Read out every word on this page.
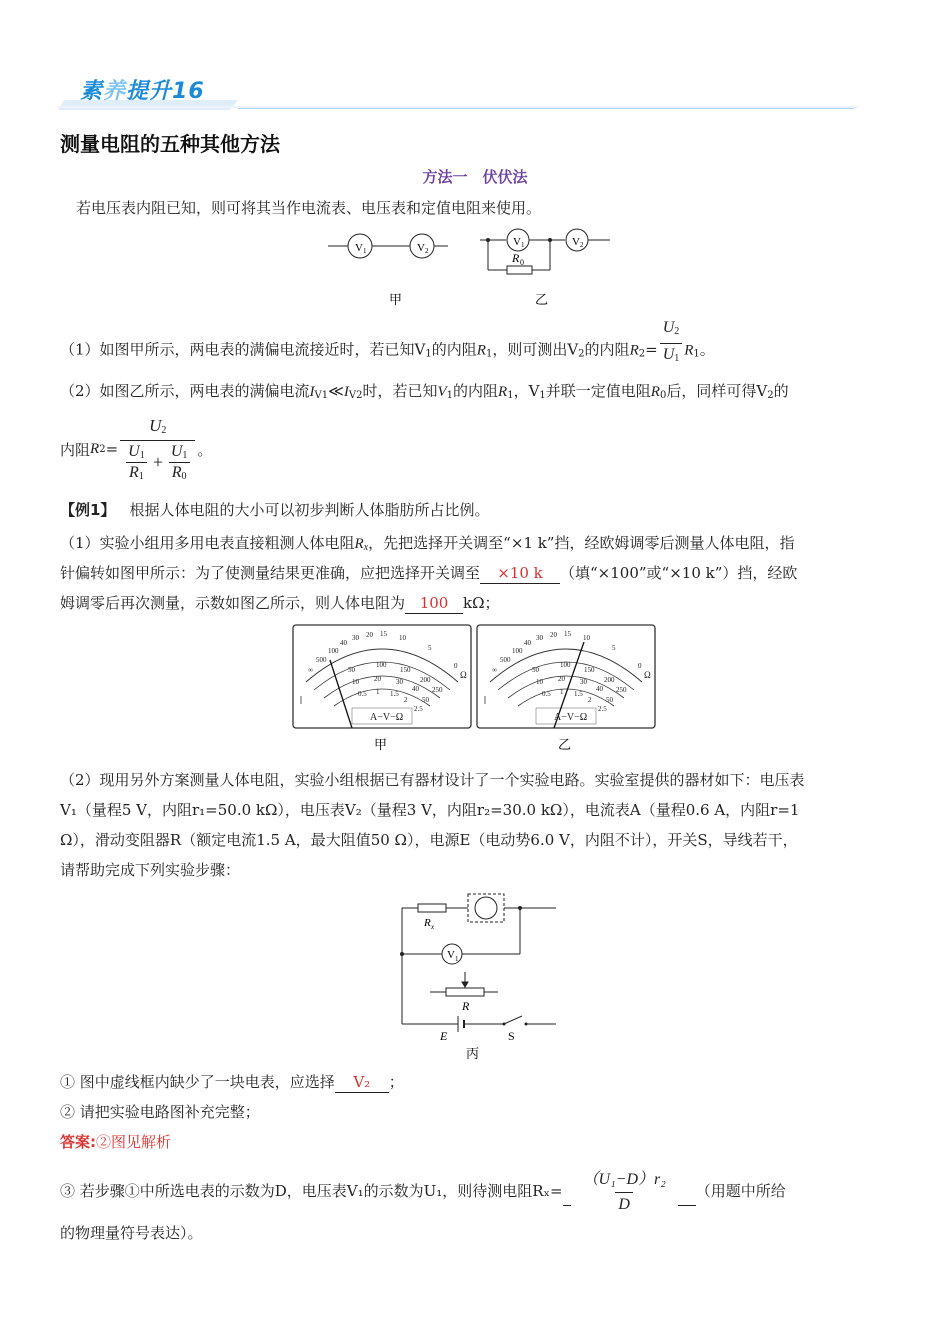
素养提升16
测量电阻的五种其他方法
方法一　伏伏法
若电压表内阻已知，则可将其当作电流表、电压表和定值电阻来使用。
V 1	V 2
V 1	V 2
R 0
甲	乙
（1）如图甲所示，两电表的满偏电流接近时，若已知$V_1$的内阻$R_1$，则可测出$V_2$的内阻$R_2= \frac{U_2}{U_1} R_1$。
（2）如图乙所示，两电表的满偏电流$I_{V1}≪I_{V2}$时，若已知$V_1$的内阻$R_1$，$V_1$并联一定值电阻$R_0$后，同样可得$V_2$的
内阻 R $2 = \frac{U_2}{\frac{U_1}{R_1} + \frac{U_1}{R_0}}$ 。
【例1】 根据人体电阻的大小可以初步判断人体脂肪所占比例。
（1）实验小组用多用电表直接粗测人体电阻$R_x$，先把选择开关调至“×1 k”挡，经欧姆调零后测量人体电阻，指
针偏转如图甲所示：为了使测量结果更准确，应把选择开关调至 ×10 k （填“×100”或“×10 k”）挡，经欧
姆调零后再次测量，示数如图乙所示，则人体电阻为 100 kΩ；
∞
500
100
40
30 20 15 10
5
0
Ω
50
100
150
200
250
10 20 30
40
50
0.5 1 1.5
2
2.5
A−V−Ω
∞
500
100
40
30 20 15 10
5
0
Ω
50
100
150
200
250
10 20 30
40
50
0.5 1 1.5
2
2.5
A−V−Ω
甲	乙
（2）现用另外方案测量人体电阻，实验小组根据已有器材设计了一个实验电路。实验室提供的器材如下：电压表
V₁（量程5 V，内阻r₁=50.0 kΩ），电压表V₂（量程3 V，内阻r₂=30.0 kΩ），电流表A（量程0.6 A，内阻r=1
Ω），滑动变阻器R（额定电流1.5 A，最大阻值50 Ω），电源E（电动势6.0 V，内阻不计），开关S，导线若干，
请帮助完成下列实验步骤：
R x
V 1
R
E	S
丙
① 图中虚线框内缺少了一块电表，应选择 V₂ ；
② 请把实验电路图补充完整；
答案:②图见解析
③ 若步骤①中所选电表的示数为D，电压表V₁的示数为U₁，则待测电阻$R_x= \frac{\text{（U₁−D）r₂}}{D}$ （用题中所给
的物理量符号表达）。
